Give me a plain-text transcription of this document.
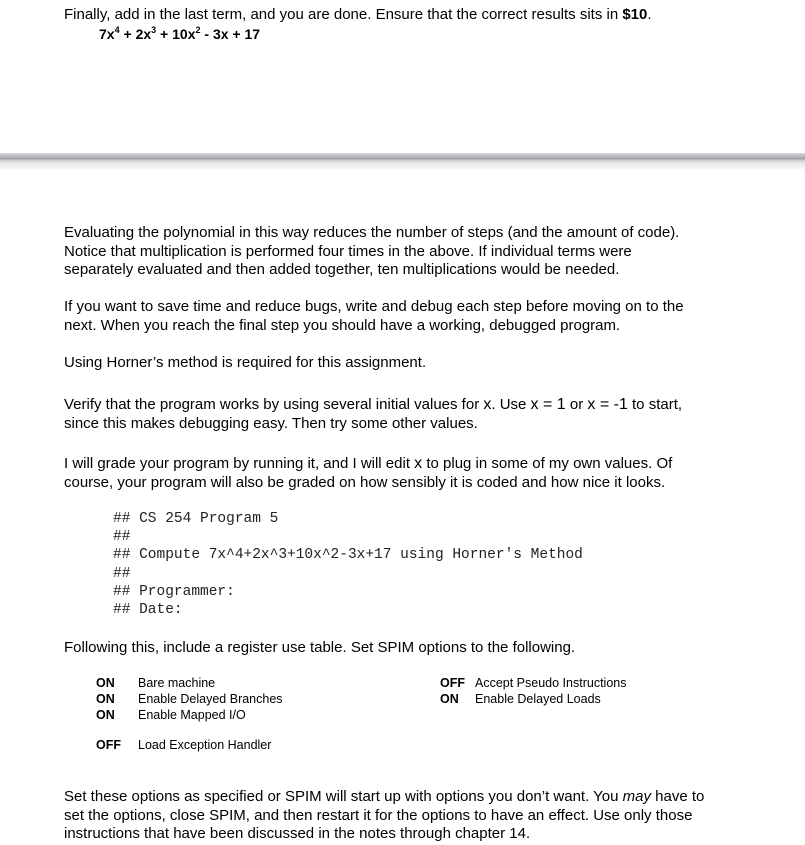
Finally, add in the last term, and you are done. Ensure that the correct results sits in $10.
$7x^4 + 2x^3 + 10x^2 - 3x + 17$
Evaluating the polynomial in this way reduces the number of steps (and the amount of code).
Notice that multiplication is performed four times in the above. If individual terms were
separately evaluated and then added together, ten multiplications would be needed.
If you want to save time and reduce bugs, write and debug each step before moving on to the
next. When you reach the final step you should have a working, debugged program.
Using Horner’s method is required for this assignment.
Verify that the program works by using several initial values for x. Use x = 1 or x = -1 to start,
since this makes debugging easy. Then try some other values.
I will grade your program by running it, and I will edit x to plug in some of my own values. Of
course, your program will also be graded on how sensibly it is coded and how nice it looks.
## CS 254 Program 5
##
## Compute 7x^4+2x^3+10x^2-3x+17 using Horner's Method
##
## Programmer:
## Date:
Following this, include a register use table. Set SPIM options to the following.
ON Bare machine
ON Enable Delayed Branches
ON Enable Mapped I/O
OFF Accept Pseudo Instructions
ON Enable Delayed Loads
OFF Load Exception Handler
Set these options as specified or SPIM will start up with options you don’t want. You may have to
set the options, close SPIM, and then restart it for the options to have an effect. Use only those
instructions that have been discussed in the notes through chapter 14.
